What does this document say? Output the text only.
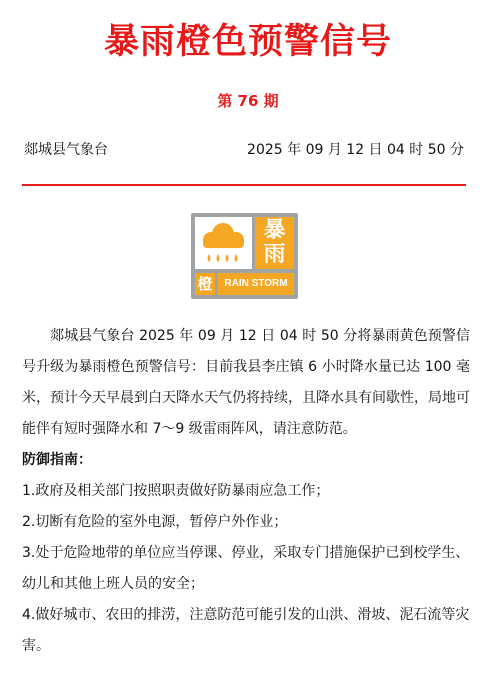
暴雨橙色预警信号
第 76 期
郯城县气象台	2025 年 09 月 12 日 04 时 50 分
暴
雨
橙	RAIN STORM

郯城县气象台 2025 年 09 月 12 日 04 时 50 分将暴雨黄色预警信号升级为暴雨橙色预警信号：目前我县李庄镇 6 小时降水量已达 100 毫米，预计今天早晨到白天降水天气仍将持续，且降水具有间歇性，局地可能伴有短时强降水和 7～9 级雷雨阵风，请注意防范。

防御指南：

1.政府及相关部门按照职责做好防暴雨应急工作；

2.切断有危险的室外电源，暂停户外作业；

3.处于危险地带的单位应当停课、停业，采取专门措施保护已到校学生、幼儿和其他上班人员的安全；

4.做好城市、农田的排涝，注意防范可能引发的山洪、滑坡、泥石流等灾害。
